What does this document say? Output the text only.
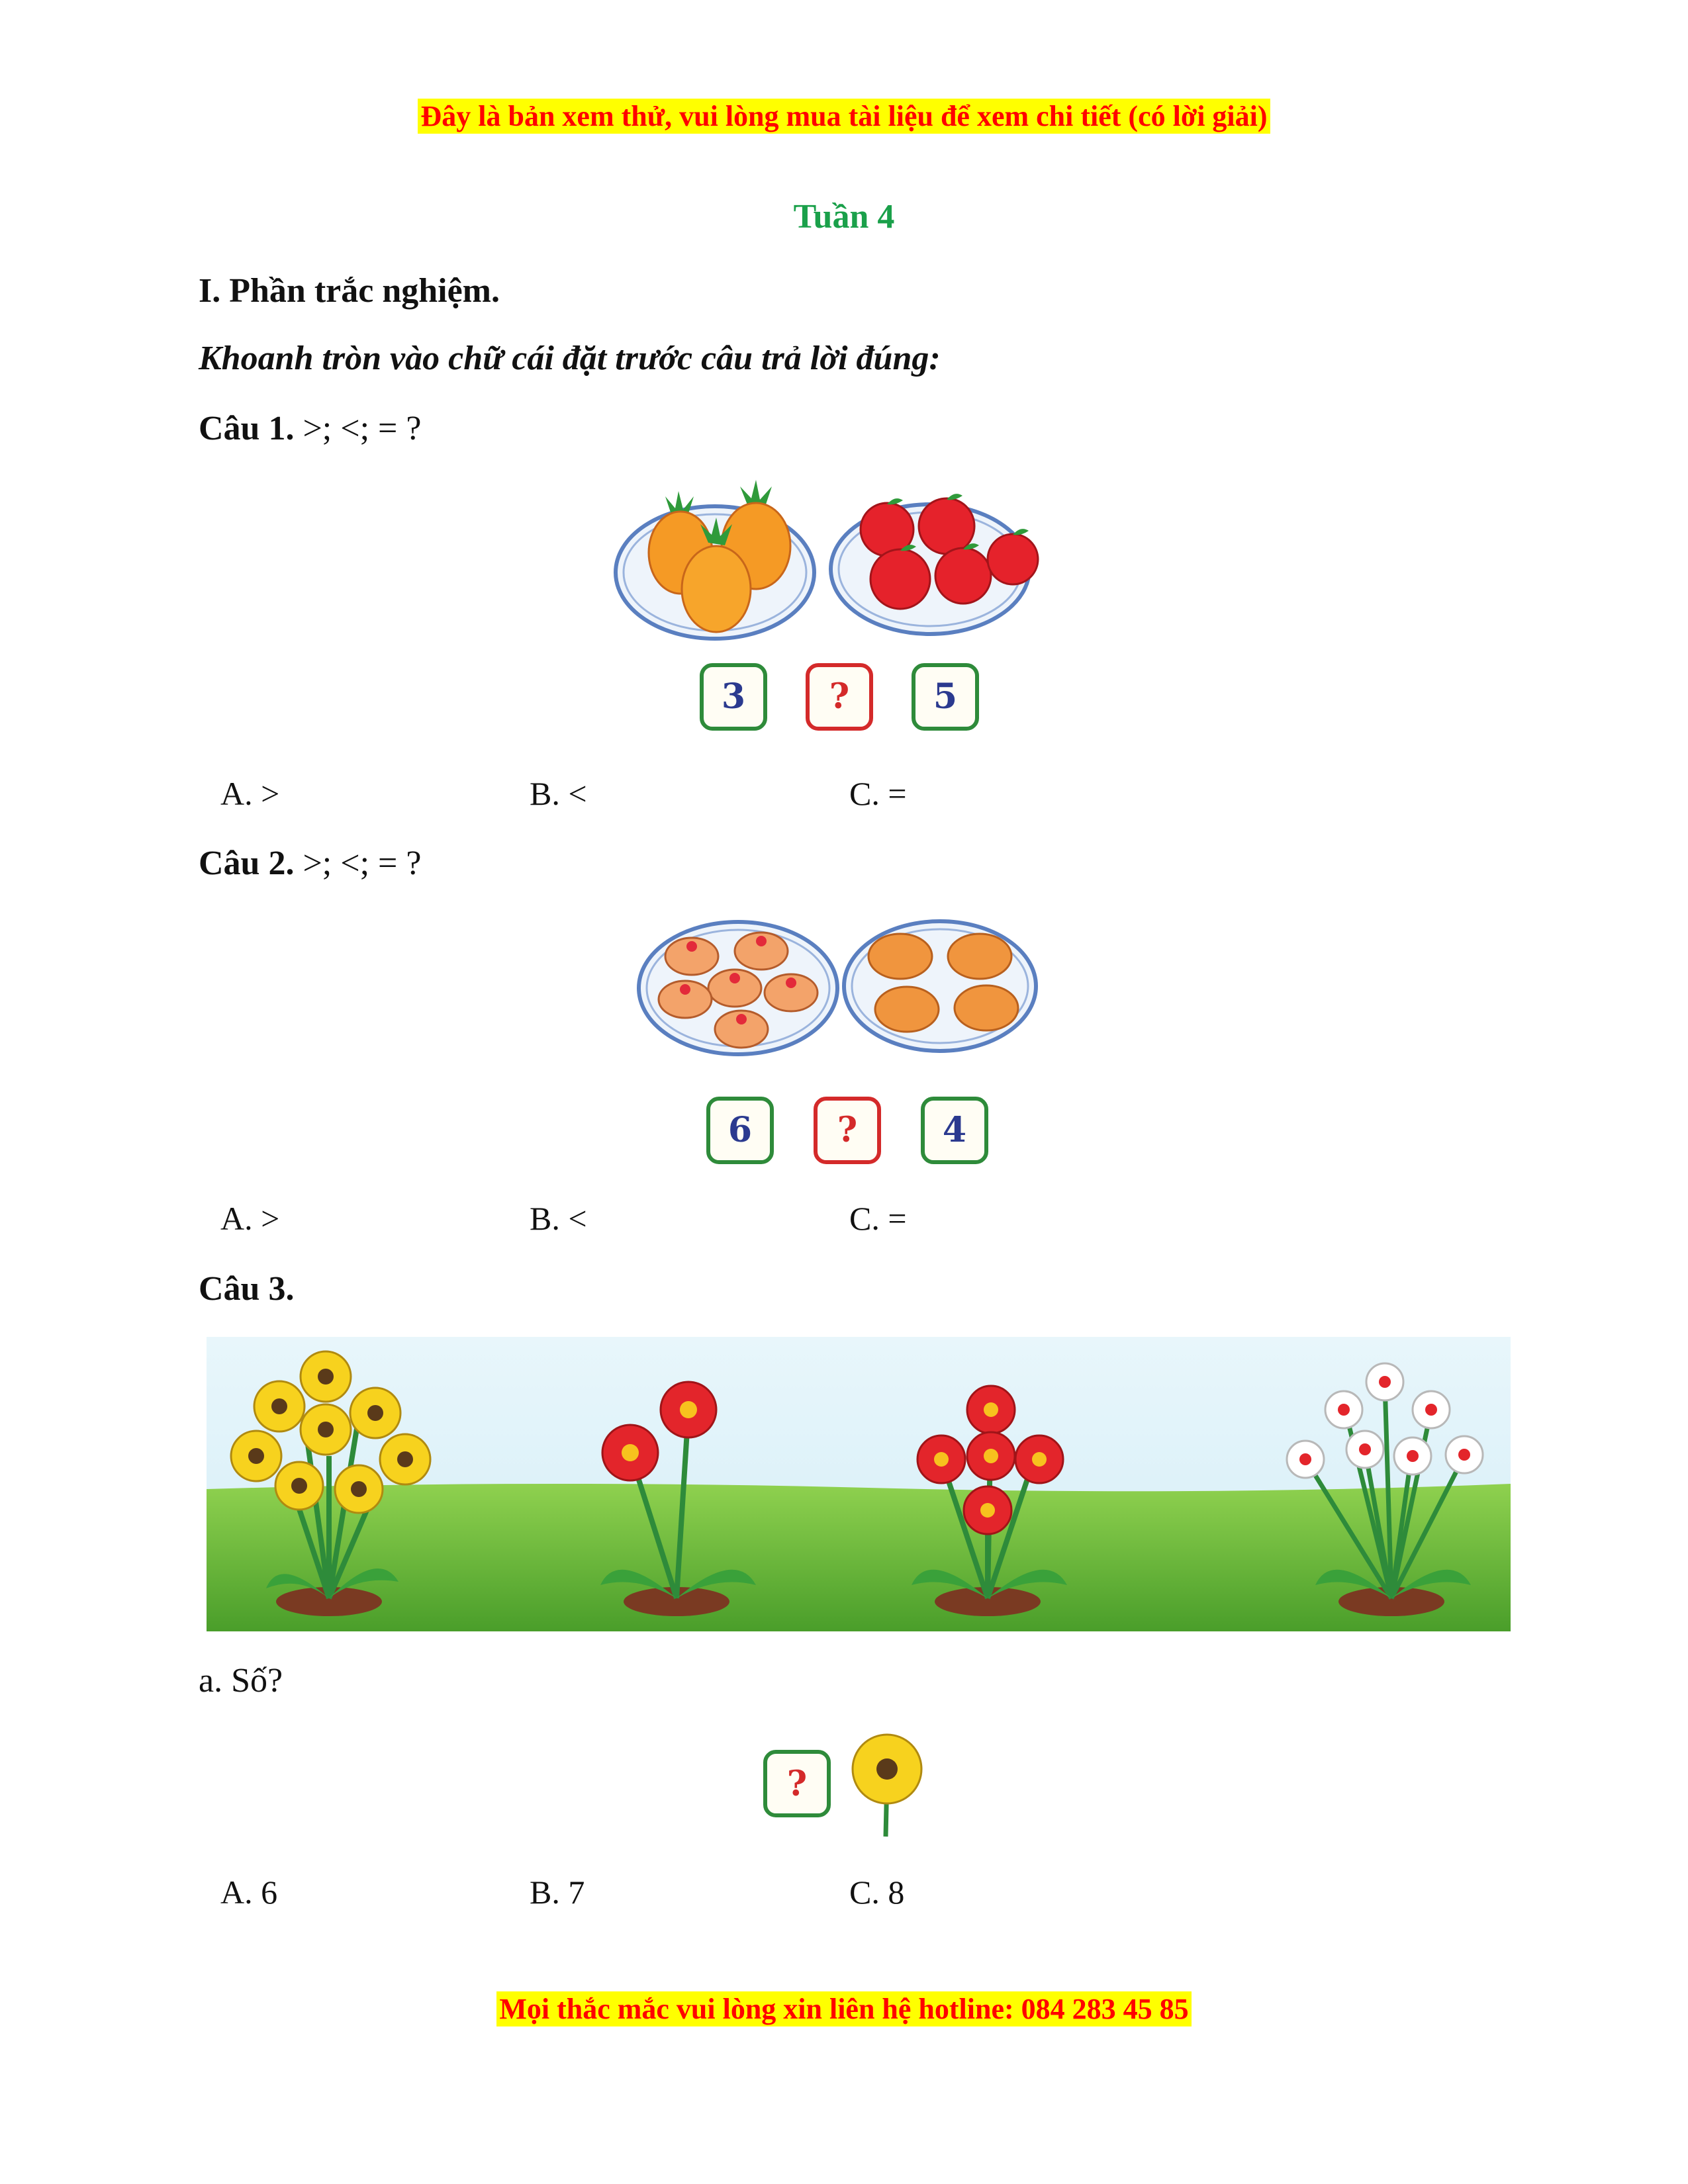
Đây là bản xem thử, vui lòng mua tài liệu để xem chi tiết (có lời giải)
Tuần 4
I. Phần trắc nghiệm.
Khoanh tròn vào chữ cái đặt trước câu trả lời đúng:
Câu 1. >; <; = ?
3 ? 5
A. >	B. <	C. =
Câu 2. >; <; = ?
6 ? 4
A. >	B. <	C. =
Câu 3.
a. Số?
?
A. 6	B. 7	C. 8
Mọi thắc mắc vui lòng xin liên hệ hotline: 084 283 45 85
